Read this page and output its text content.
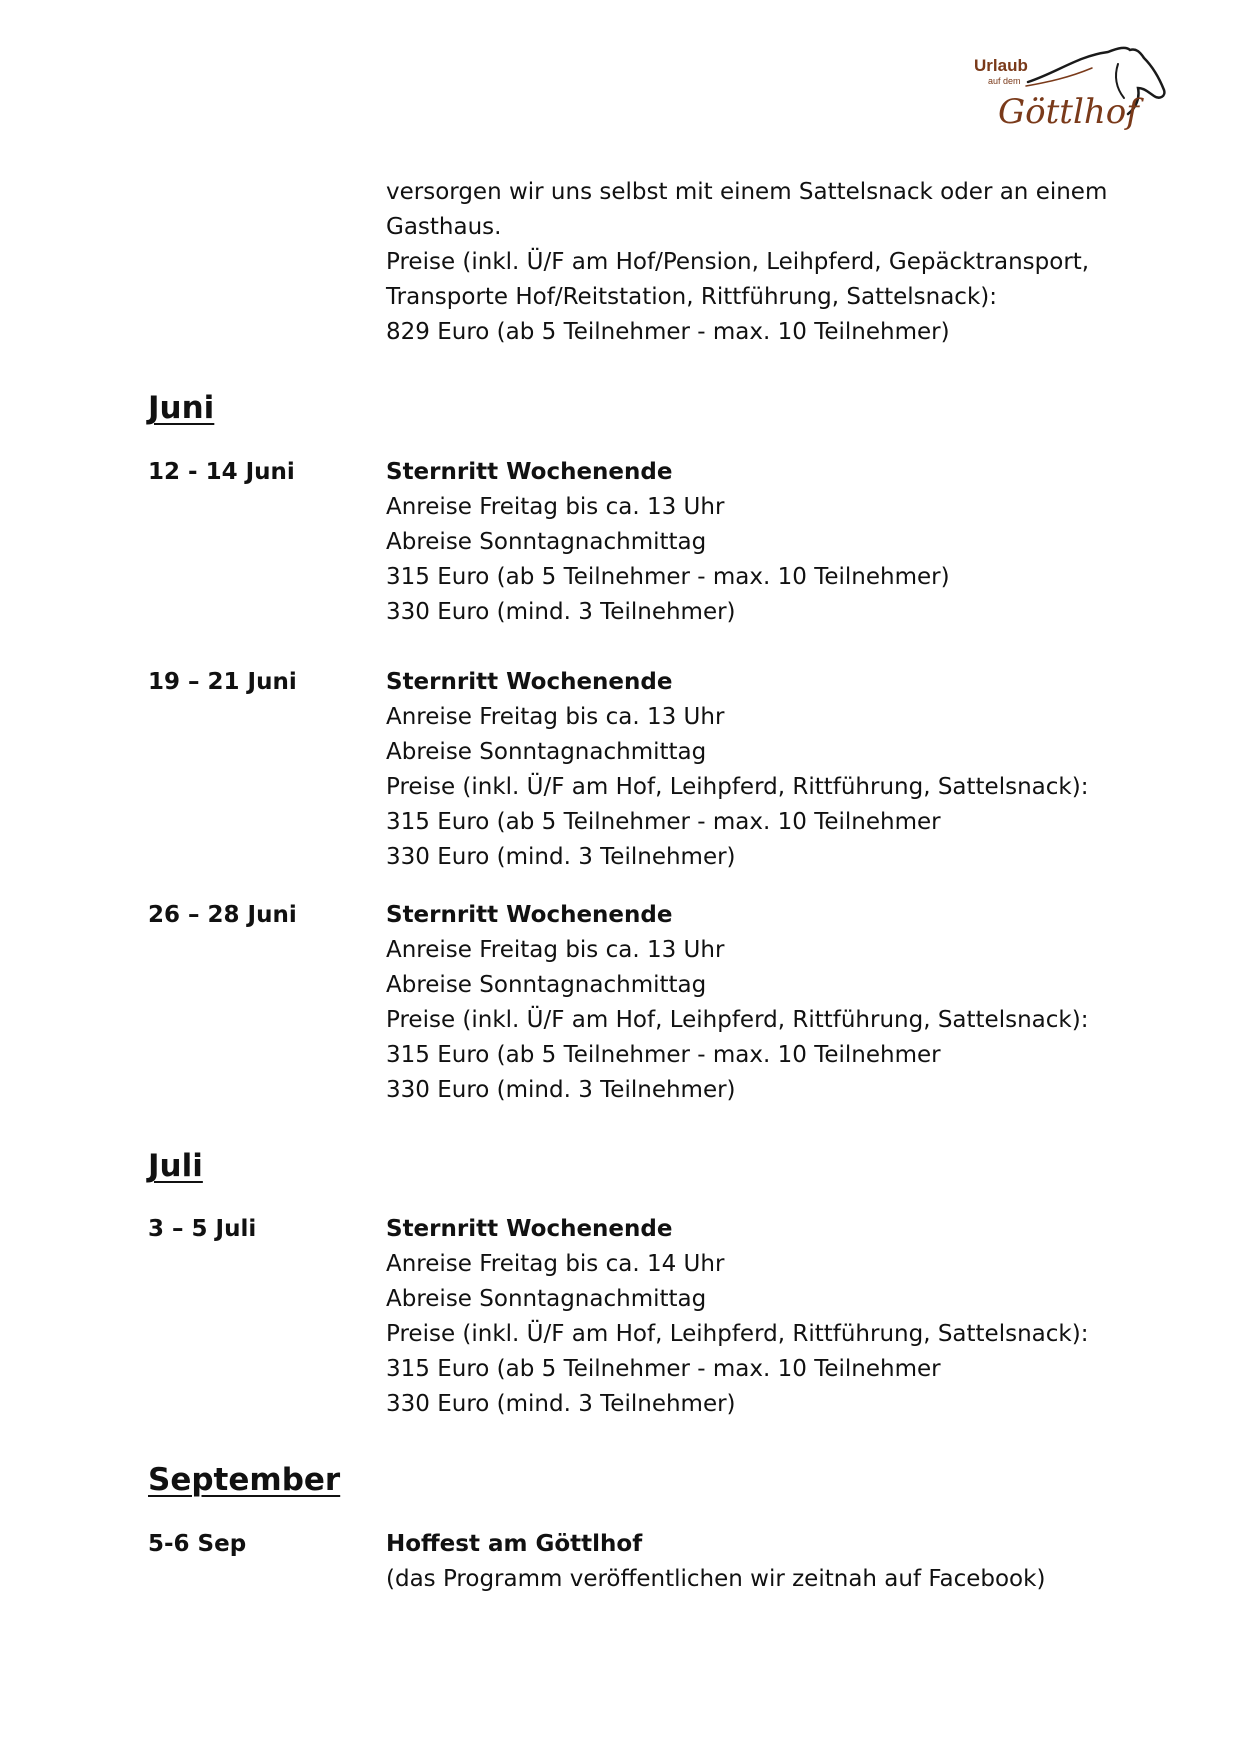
Urlaub
auf dem
Göttlhof
versorgen wir uns selbst mit einem Sattelsnack oder an einem
Gasthaus.
Preise (inkl. Ü/F am Hof/Pension, Leihpferd, Gepäcktransport,
Transporte Hof/Reitstation, Rittführung, Sattelsnack):
829 Euro (ab 5 Teilnehmer - max. 10 Teilnehmer)
Juni
12 - 14 Juni	Sternritt Wochenende
Anreise Freitag bis ca. 13 Uhr
Abreise Sonntagnachmittag
315 Euro (ab 5 Teilnehmer - max. 10 Teilnehmer)
330 Euro (mind. 3 Teilnehmer)
19 – 21 Juni	Sternritt Wochenende
Anreise Freitag bis ca. 13 Uhr
Abreise Sonntagnachmittag
Preise (inkl. Ü/F am Hof, Leihpferd, Rittführung, Sattelsnack):
315 Euro (ab 5 Teilnehmer - max. 10 Teilnehmer
330 Euro (mind. 3 Teilnehmer)
26 – 28 Juni	Sternritt Wochenende
Anreise Freitag bis ca. 13 Uhr
Abreise Sonntagnachmittag
Preise (inkl. Ü/F am Hof, Leihpferd, Rittführung, Sattelsnack):
315 Euro (ab 5 Teilnehmer - max. 10 Teilnehmer
330 Euro (mind. 3 Teilnehmer)
Juli
3 – 5 Juli	Sternritt Wochenende
Anreise Freitag bis ca. 14 Uhr
Abreise Sonntagnachmittag
Preise (inkl. Ü/F am Hof, Leihpferd, Rittführung, Sattelsnack):
315 Euro (ab 5 Teilnehmer - max. 10 Teilnehmer
330 Euro (mind. 3 Teilnehmer)
September
5-6 Sep	Hoffest am Göttlhof
(das Programm veröffentlichen wir zeitnah auf Facebook)
